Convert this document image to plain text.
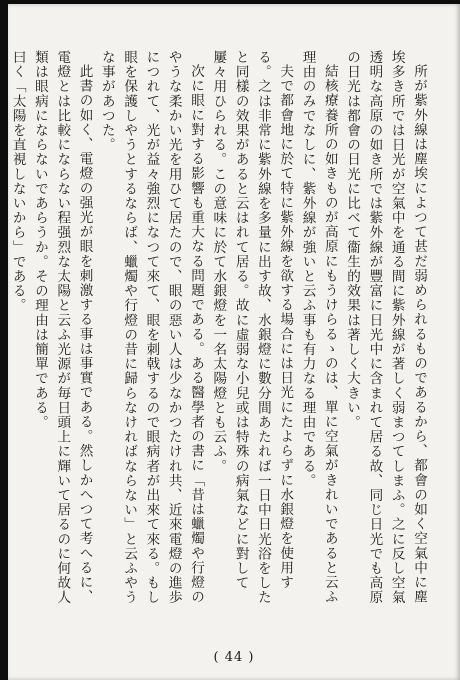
所が紫外線は塵埃によつて甚だ弱められるものであるから、都會の如く空氣中に塵埃多き所では日光が空氣中を通る間に紫外線が著しく弱まつてしまふ。之に反し空氣透明な高原の如き所では紫外線が豐富に日光中に含まれて居る故、同じ日光でも高原の日光は都會の日光に比べて衞生的效果は著しく大きい。

結核療養所の如きものが高原にもうけらるゝのは、單に空氣がきれいであると云ふ理由のみでなしに、紫外線が強いと云ふ事も有力なる理由である。

夫で都會地に於て特に紫外線を欲する場合には日光にたよらずに水銀燈を使用する。之は非常に紫外線を多量に出す故、水銀燈に數分間あたれば一日中日光浴をしたと同樣の效果があると云はれて居る。故に虛弱な小兒或は特殊の病氣などに對して屢々用ひられる。この意味に於て水銀燈を一名太陽燈とも云ふ。

次に眼に對する影響も重大なる問題である。ある醫學者の書に「昔は蠟燭や行燈のやうな柔かい光を用ひて居たので、眼の惡い人は少なかつたけれ共、近來電燈の進歩につれて、光が益々強烈になつて來て、眼を刺戟するので眼病者が出來て來る。もし眼を保護しやうとするならば、蠟燭や行燈の昔に歸らなければならない」と云ふやうな事があつた。

此書の如く、電燈の强光が眼を刺激する事は事實である。然しかへつて考へるに、電燈とは比較にならない程强烈な太陽と云ふ光源が毎日頭上に輝いて居るのに何故人類は眼病にならないであらうか。その理由は簡單である。

曰く「太陽を直視しないから」である。

( 44 )
